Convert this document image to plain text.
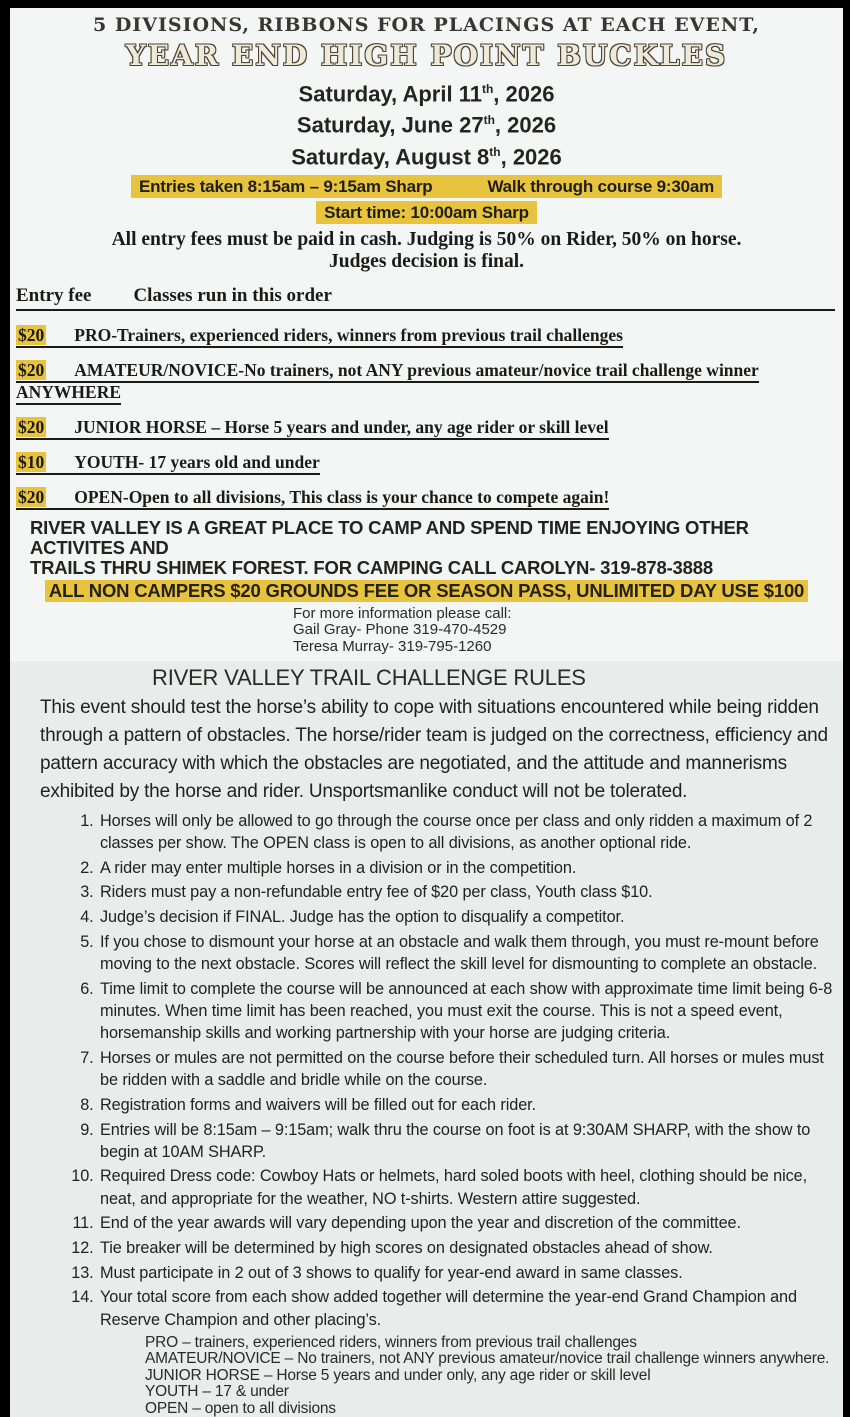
5 DIVISIONS, RIBBONS FOR PLACINGS AT EACH EVENT,
YEAR END HIGH POINT BUCKLES
Saturday, April 11th, 2026
Saturday, June 27th, 2026
Saturday, August 8th, 2026
Entries taken 8:15am – 9:15am Sharp	Walk through course 9:30am
Start time: 10:00am Sharp
All entry fees must be paid in cash. Judging is 50% on Rider, 50% on horse.
Judges decision is final.
Entry fee Classes run in this order
$20 PRO-Trainers, experienced riders, winners from previous trail challenges
$20 AMATEUR/NOVICE-No trainers, not ANY previous amateur/novice trail challenge winner ANYWHERE
$20 JUNIOR HORSE – Horse 5 years and under, any age rider or skill level
$10 YOUTH- 17 years old and under
$20 OPEN-Open to all divisions, This class is your chance to compete again!
RIVER VALLEY IS A GREAT PLACE TO CAMP AND SPEND TIME ENJOYING OTHER ACTIVITES AND
TRAILS THRU SHIMEK FOREST. FOR CAMPING CALL CAROLYN- 319-878-3888
ALL NON CAMPERS $20 GROUNDS FEE OR SEASON PASS, UNLIMITED DAY USE $100
For more information please call:
Gail Gray- Phone 319-470-4529
Teresa Murray- 319-795-1260
RIVER VALLEY TRAIL CHALLENGE RULES
This event should test the horse’s ability to cope with situations encountered while being ridden through a pattern of obstacles. The horse/rider team is judged on the correctness, efficiency and pattern accuracy with which the obstacles are negotiated, and the attitude and mannerisms exhibited by the horse and rider. Unsportsmanlike conduct will not be tolerated.
1. Horses will only be allowed to go through the course once per class and only ridden a maximum of 2 classes per show. The OPEN class is open to all divisions, as another optional ride.
2. A rider may enter multiple horses in a division or in the competition.
3. Riders must pay a non-refundable entry fee of $20 per class, Youth class $10.
4. Judge’s decision if FINAL. Judge has the option to disqualify a competitor.
5. If you chose to dismount your horse at an obstacle and walk them through, you must re-mount before moving to the next obstacle. Scores will reflect the skill level for dismounting to complete an obstacle.
6. Time limit to complete the course will be announced at each show with approximate time limit being 6-8 minutes. When time limit has been reached, you must exit the course. This is not a speed event, horsemanship skills and working partnership with your horse are judging criteria.
7. Horses or mules are not permitted on the course before their scheduled turn. All horses or mules must be ridden with a saddle and bridle while on the course.
8. Registration forms and waivers will be filled out for each rider.
9. Entries will be 8:15am – 9:15am; walk thru the course on foot is at 9:30AM SHARP, with the show to begin at 10AM SHARP.
10. Required Dress code: Cowboy Hats or helmets, hard soled boots with heel, clothing should be nice, neat, and appropriate for the weather, NO t-shirts. Western attire suggested.
11. End of the year awards will vary depending upon the year and discretion of the committee.
12. Tie breaker will be determined by high scores on designated obstacles ahead of show.
13. Must participate in 2 out of 3 shows to qualify for year-end award in same classes.
14. Your total score from each show added together will determine the year-end Grand Champion and Reserve Champion and other placing’s.
PRO – trainers, experienced riders, winners from previous trail challenges
AMATEUR/NOVICE – No trainers, not ANY previous amateur/novice trail challenge winners anywhere.
JUNIOR HORSE – Horse 5 years and under only, any age rider or skill level
YOUTH – 17 & under
OPEN – open to all divisions
